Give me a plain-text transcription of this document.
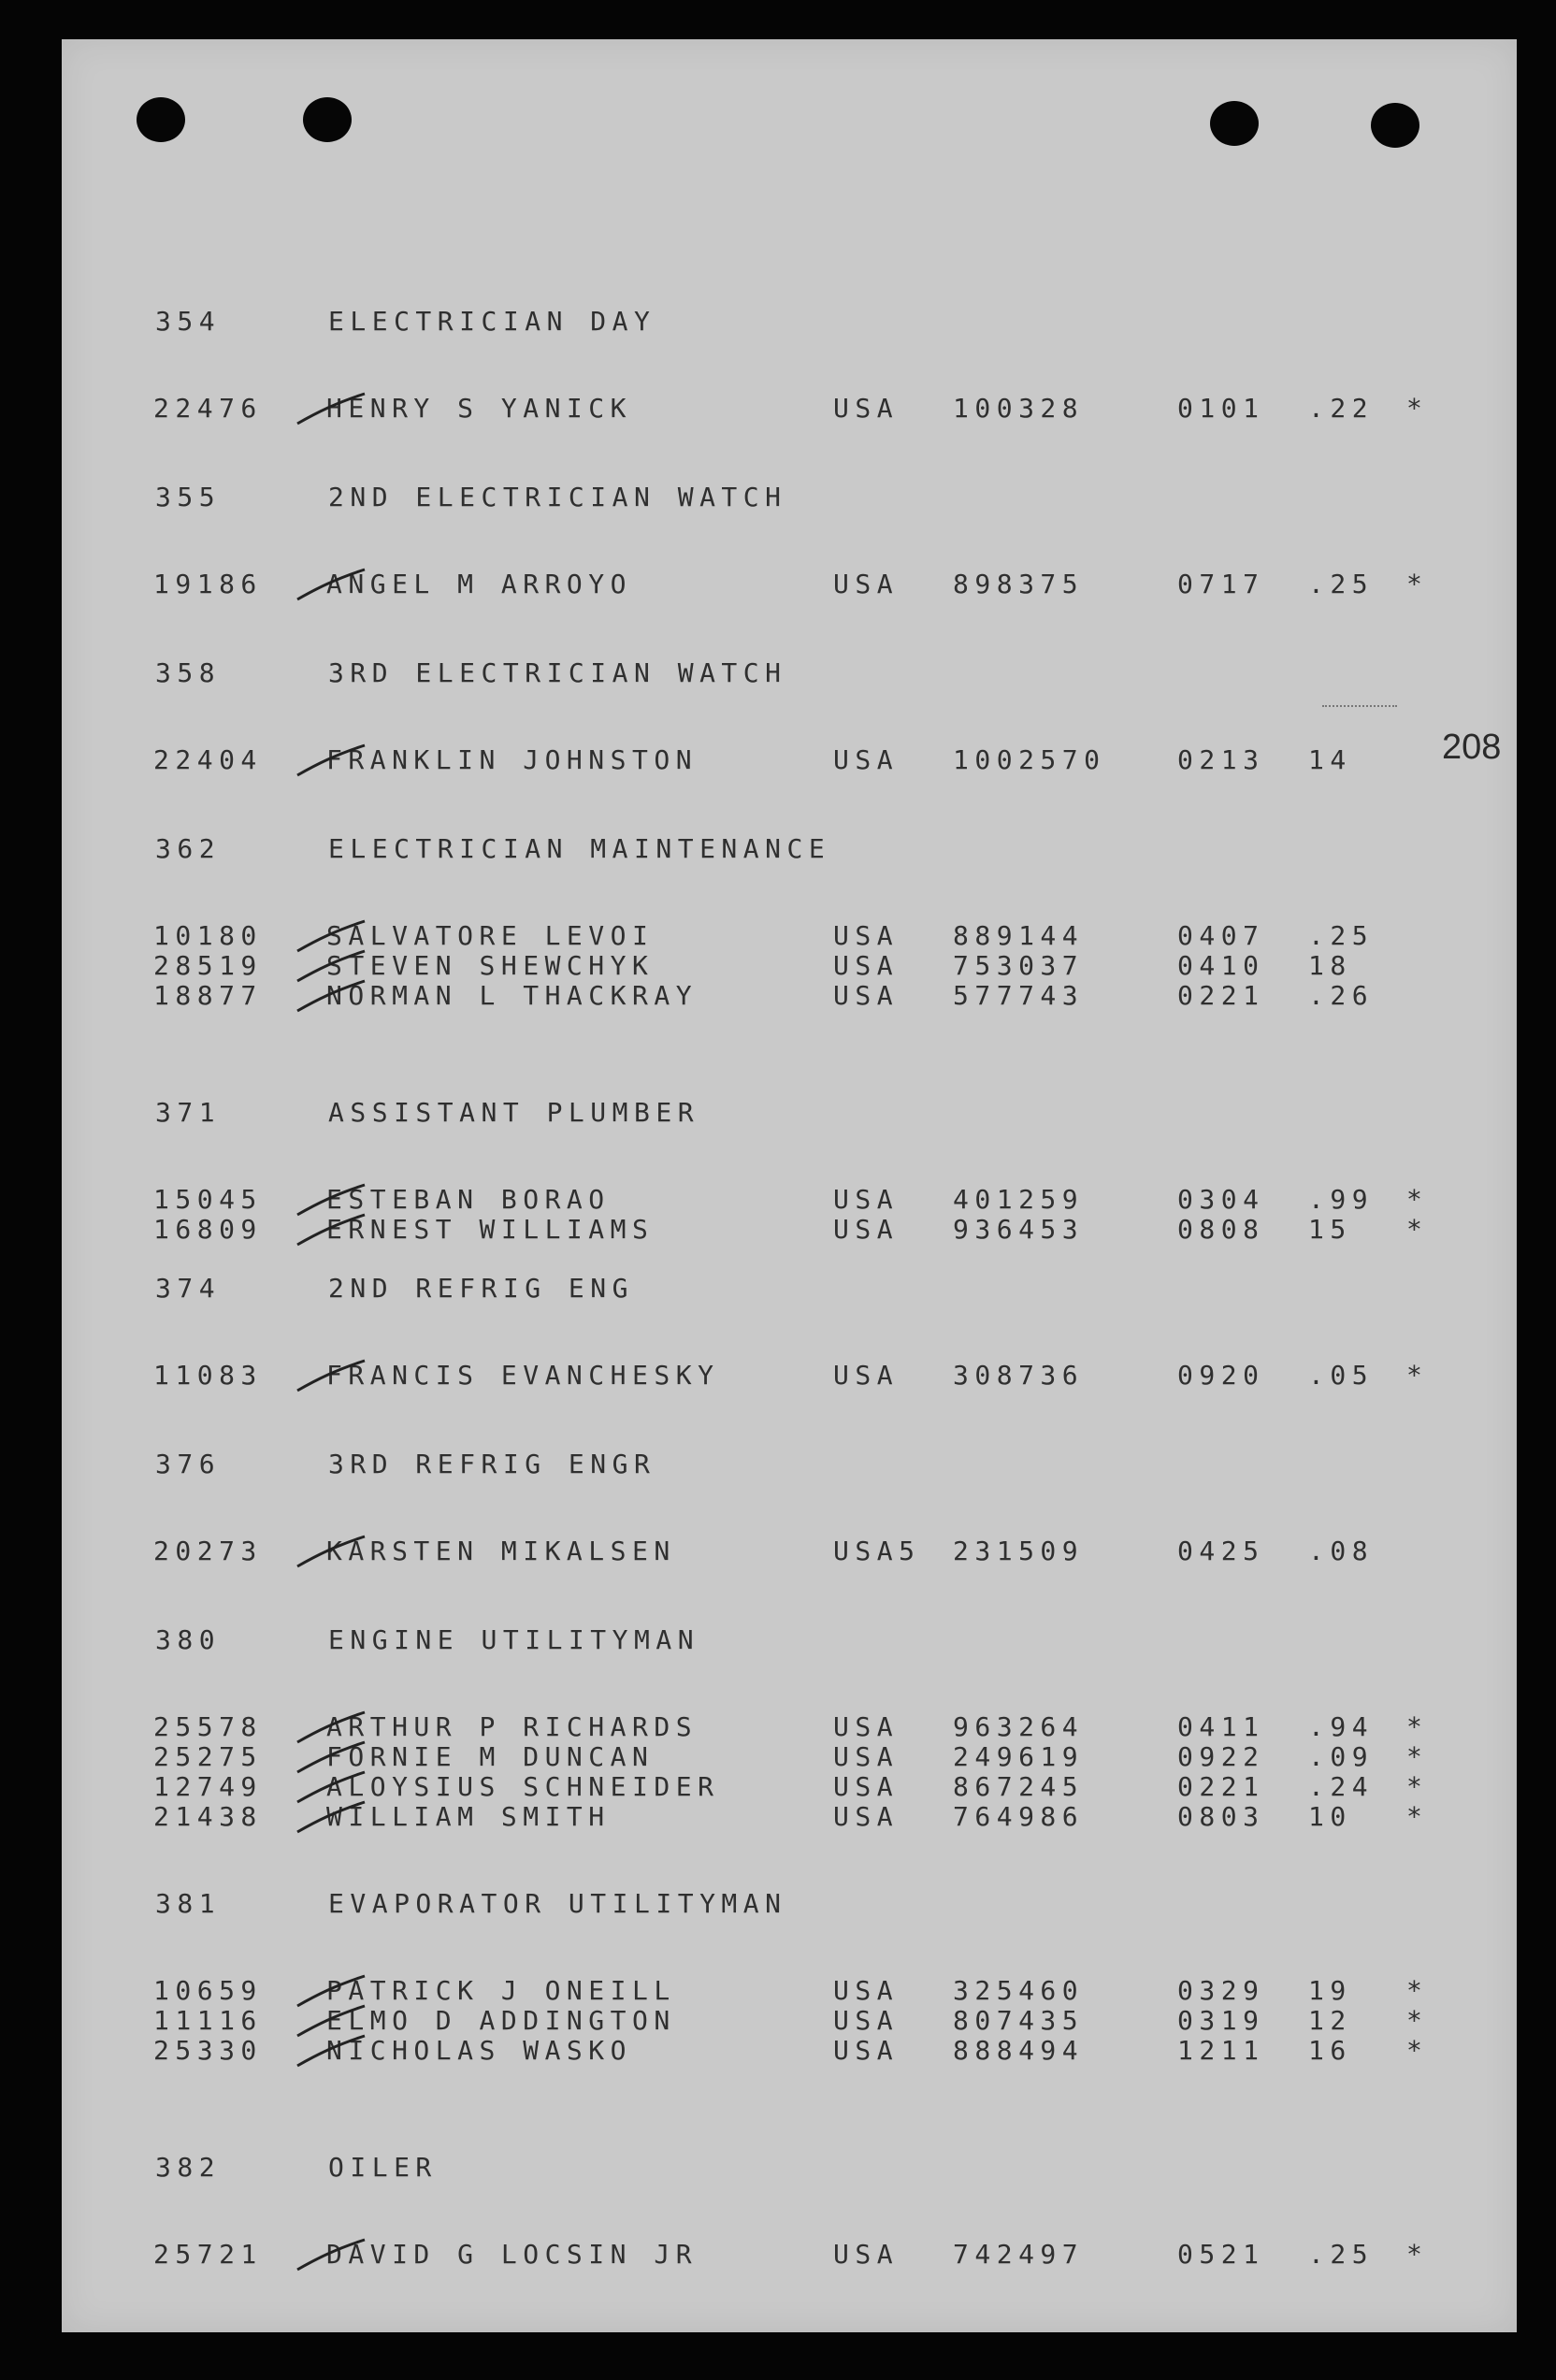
208
354	ELECTRICIAN DAY
22476 HENRY S YANICK	USA 100328	0101 .22 *
355	2ND ELECTRICIAN WATCH
19186 ANGEL M ARROYO	USA 898375	0717 .25 *
358	3RD ELECTRICIAN WATCH
22404 FRANKLIN JOHNSTON	USA 1002570	0213 14
362	ELECTRICIAN MAINTENANCE
10180 SALVATORE LEVOI	USA 889144	0407 .25
28519 STEVEN SHEWCHYK	USA 753037	0410 18
18877 NORMAN L THACKRAY	USA 577743	0221 .26
371	ASSISTANT PLUMBER
15045 ESTEBAN BORAO	USA 401259	0304 .99 *
16809 ERNEST WILLIAMS	USA 936453	0808 15 *
374	2ND REFRIG ENG
11083 FRANCIS EVANCHESKY	USA 308736	0920 .05 *
376	3RD REFRIG ENGR
20273 KARSTEN MIKALSEN	USA5 231509	0425 .08
380	ENGINE UTILITYMAN
25578 ARTHUR P RICHARDS	USA 963264	0411 .94 *
25275 FORNIE M DUNCAN	USA 249619	0922 .09 *
12749 ALOYSIUS SCHNEIDER	USA 867245	0221 .24 *
21438 WILLIAM SMITH	USA 764986	0803 10 *
381	EVAPORATOR UTILITYMAN
10659 PATRICK J ONEILL	USA 325460	0329 19 *
11116 ELMO D ADDINGTON	USA 807435	0319 12 *
25330 NICHOLAS WASKO	USA 888494	1211 16 *
382	OILER
25721 DAVID G LOCSIN JR	USA 742497	0521 .25 *
